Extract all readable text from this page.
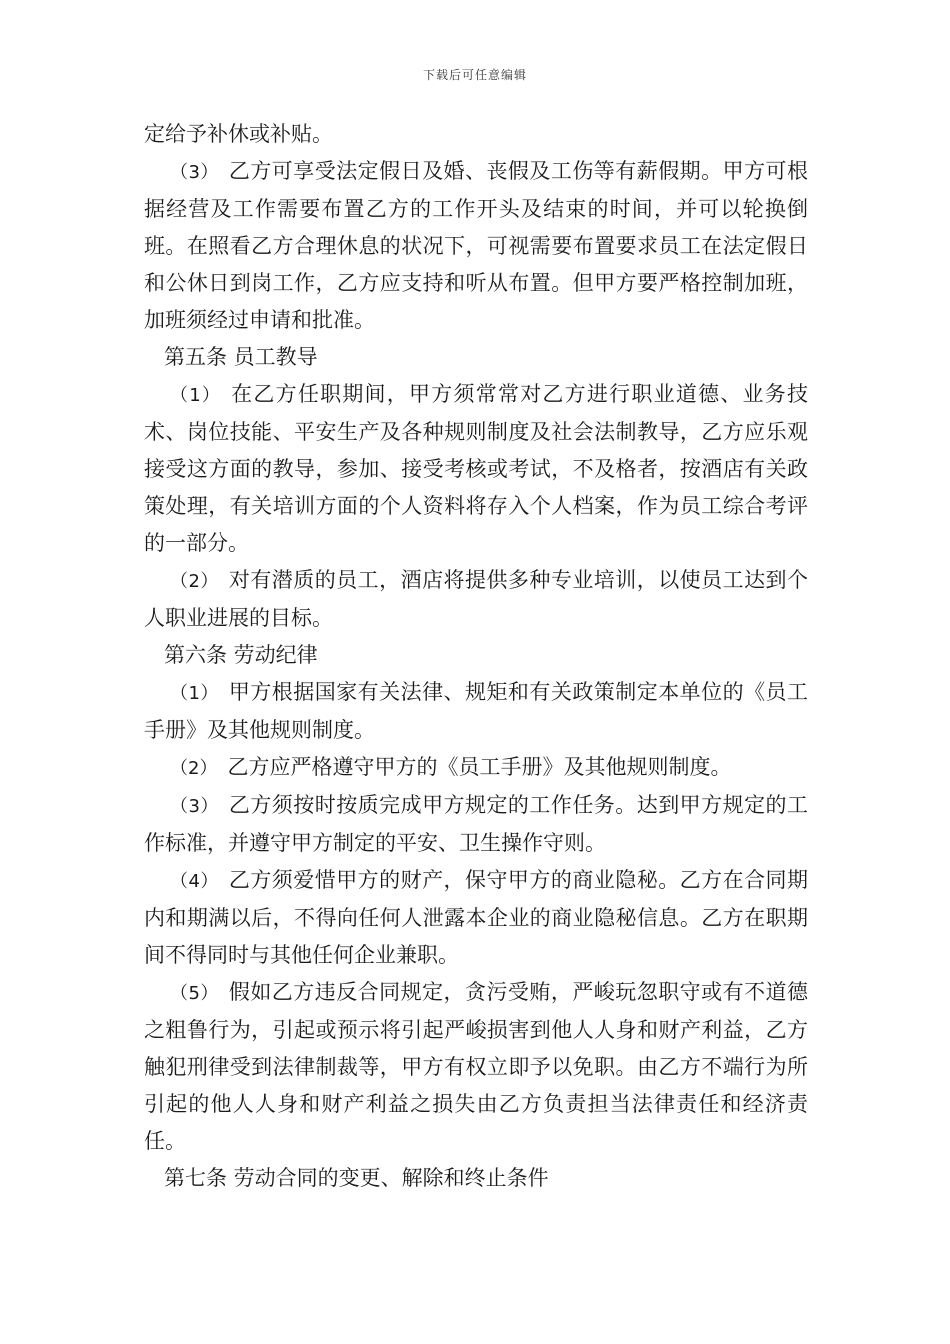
下载后可任意编辑

定给予补休或补贴。

（3） 乙方可享受法定假日及婚、丧假及工伤等有薪假期。甲方可根据经营及工作需要布置乙方的工作开头及结束的时间，并可以轮换倒班。在照看乙方合理休息的状况下，可视需要布置要求员工在法定假日和公休日到岗工作，乙方应支持和听从布置。但甲方要严格控制加班，加班须经过申请和批准。

第五条 员工教导

（1） 在乙方任职期间，甲方须常常对乙方进行职业道德、业务技术、岗位技能、平安生产及各种规则制度及社会法制教导，乙方应乐观接受这方面的教导，参加、接受考核或考试，不及格者，按酒店有关政策处理，有关培训方面的个人资料将存入个人档案，作为员工综合考评的一部分。

（2） 对有潜质的员工，酒店将提供多种专业培训，以使员工达到个人职业进展的目标。

第六条 劳动纪律

（1） 甲方根据国家有关法律、规矩和有关政策制定本单位的《员工手册》及其他规则制度。

（2） 乙方应严格遵守甲方的《员工手册》及其他规则制度。

（3） 乙方须按时按质完成甲方规定的工作任务。达到甲方规定的工作标准，并遵守甲方制定的平安、卫生操作守则。

（4） 乙方须爱惜甲方的财产，保守甲方的商业隐秘。乙方在合同期内和期满以后，不得向任何人泄露本企业的商业隐秘信息。乙方在职期间不得同时与其他任何企业兼职。

（5） 假如乙方违反合同规定，贪污受贿，严峻玩忽职守或有不道德之粗鲁行为，引起或预示将引起严峻损害到他人人身和财产利益，乙方触犯刑律受到法律制裁等，甲方有权立即予以免职。由乙方不端行为所引起的他人人身和财产利益之损失由乙方负责担当法律责任和经济责任。

第七条 劳动合同的变更、解除和终止条件
